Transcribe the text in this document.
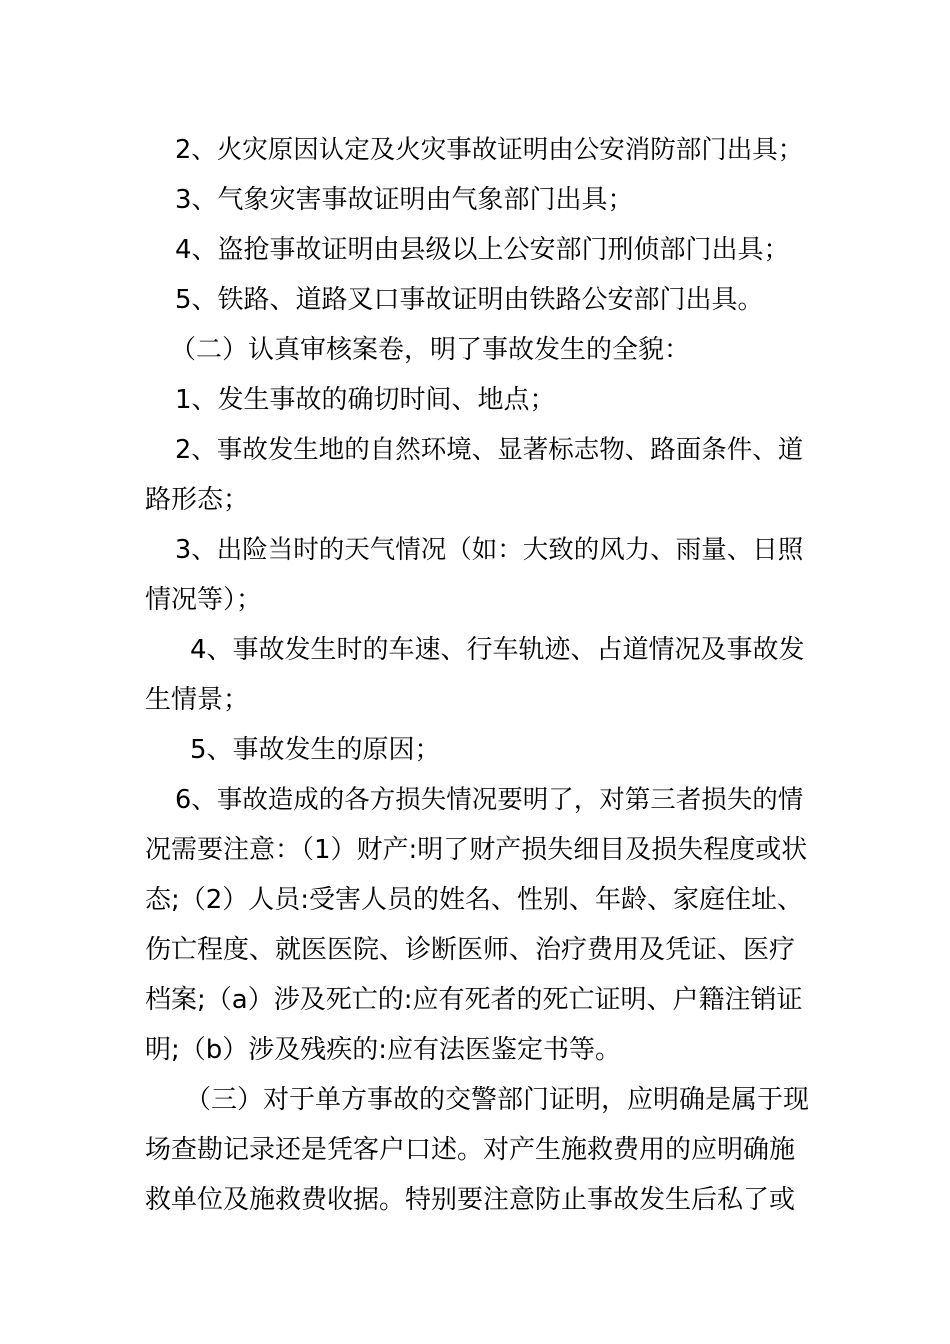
2、火灾原因认定及火灾事故证明由公安消防部门出具；
3、气象灾害事故证明由气象部门出具；
4、盗抢事故证明由县级以上公安部门刑侦部门出具；
5、铁路、道路叉口事故证明由铁路公安部门出具。
（二）认真审核案卷，明了事故发生的全貌：
1、发生事故的确切时间、地点；
2、事故发生地的自然环境、显著标志物、路面条件、道
路形态；
3、出险当时的天气情况（如：大致的风力、雨量、日照
情况等）；
4、事故发生时的车速、行车轨迹、占道情况及事故发
生情景；
5、事故发生的原因；
6、事故造成的各方损失情况要明了，对第三者损失的情
况需要注意：（1）财产:明了财产损失细目及损失程度或状
态;（2）人员:受害人员的姓名、性别、年龄、家庭住址、
伤亡程度、就医医院、诊断医师、治疗费用及凭证、医疗
档案;（a）涉及死亡的:应有死者的死亡证明、户籍注销证
明;（b）涉及残疾的:应有法医鉴定书等。
（三）对于单方事故的交警部门证明，应明确是属于现
场查勘记录还是凭客户口述。对产生施救费用的应明确施
救单位及施救费收据。特别要注意防止事故发生后私了或
